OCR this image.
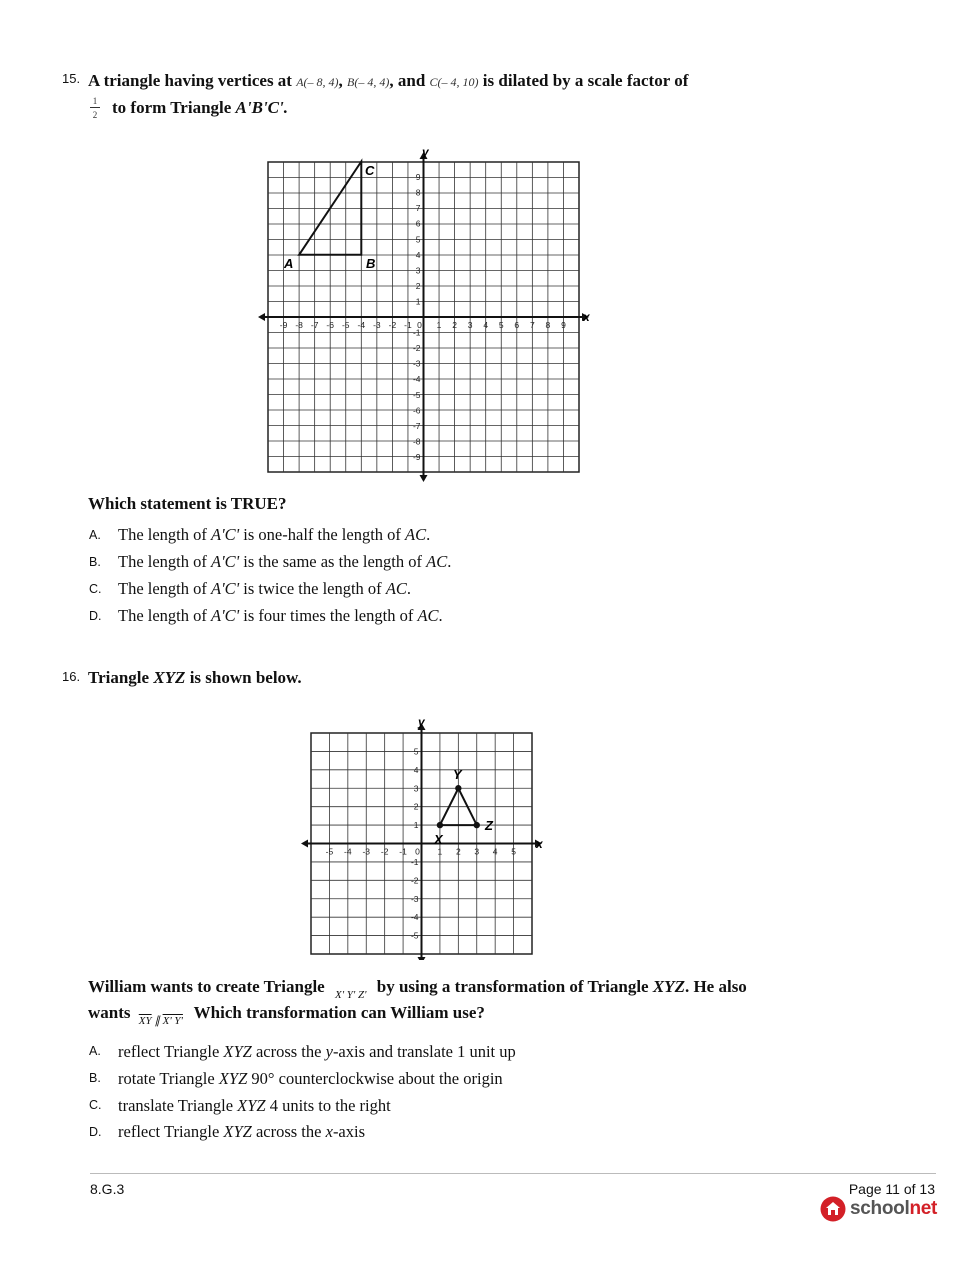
15. A triangle having vertices at A(– 8, 4), B(– 4, 4), and C(– 4, 10) is dilated by a scale factor of
1
2 to form Triangle A'B'C'.
-9 -8 -7 -6 -5 -4 -3 -2 -1 0 1 2 3 4 5 6 7 8 9
1
2
3
4
5
6
7
8
9
-1
-2
-3
-4
-5
-6
-7
-8
-9
y
x
A	B
C
Which statement is TRUE?
A. The length of A'C' is one-half the length of AC.
B. The length of A'C' is the same as the length of AC.
C. The length of A'C' is twice the length of AC.
D. The length of A'C' is four times the length of AC.
16. Triangle XYZ is shown below.
-5 -4 -3 -2 -1 0 1 2 3 4 5
1
2
3
4
5
-1
-2
-3
-4
-5
y
x
X
Y
Z
William wants to create Triangle $_{X' Y' Z'}$ by using a transformation of Triangle XYZ. He also
wants $_{\overline{XY} \parallel X' Y'}$ Which transformation can William use?
A. reflect Triangle XYZ across the y-axis and translate 1 unit up
B. rotate Triangle XYZ 90° counterclockwise about the origin
C. translate Triangle XYZ 4 units to the right
D. reflect Triangle XYZ across the x-axis
8.G.3	Page 11 of 13
schoolnet
